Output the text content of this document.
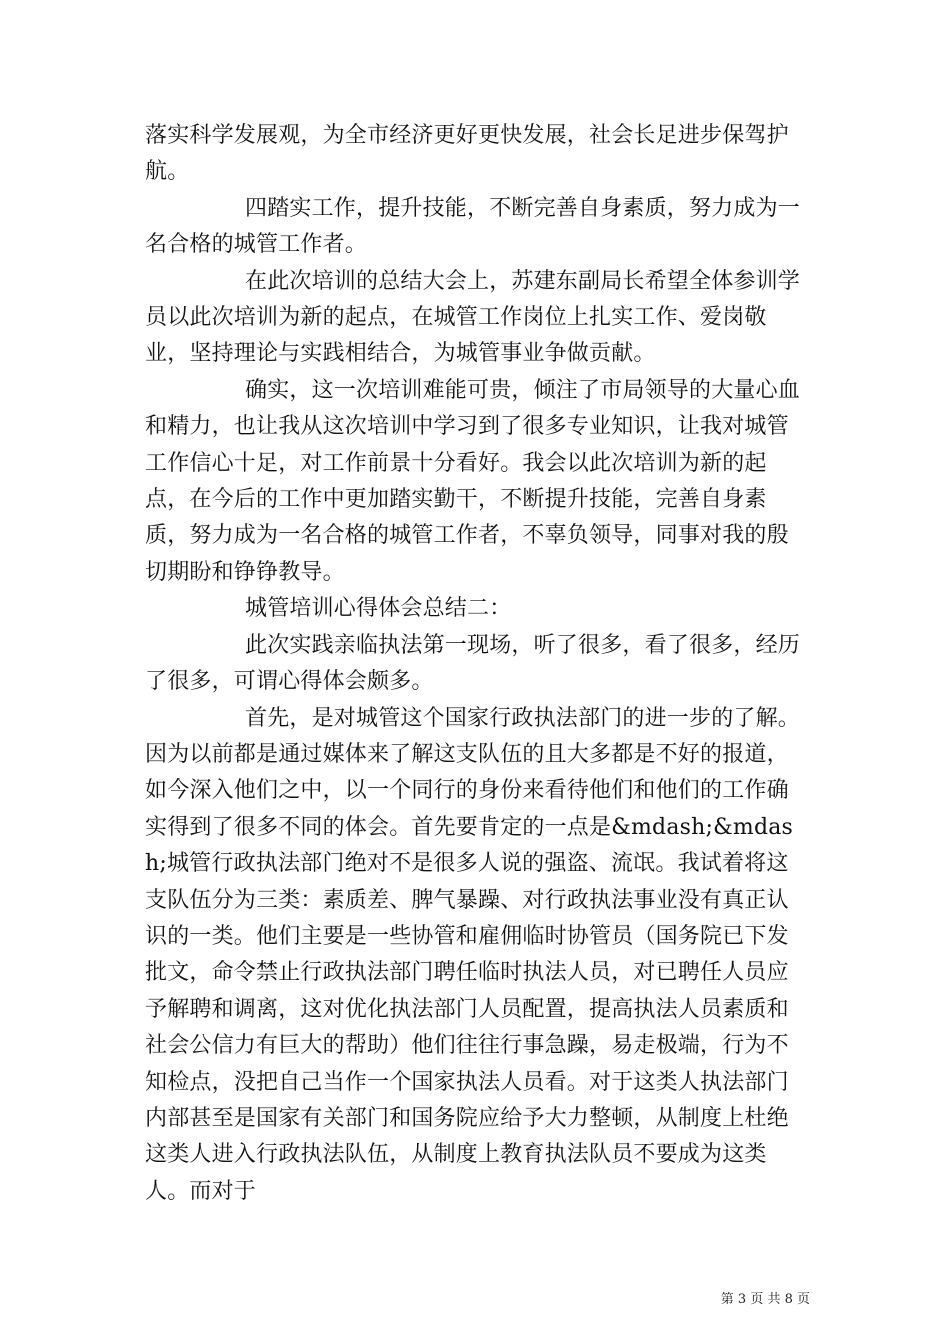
落实科学发展观，为全市经济更好更快发展，社会长足进步保驾护航。

四踏实工作，提升技能，不断完善自身素质，努力成为一名合格的城管工作者。

在此次培训的总结大会上，苏建东副局长希望全体参训学员以此次培训为新的起点，在城管工作岗位上扎实工作、爱岗敬业，坚持理论与实践相结合，为城管事业争做贡献。

确实，这一次培训难能可贵，倾注了市局领导的大量心血和精力，也让我从这次培训中学习到了很多专业知识，让我对城管工作信心十足，对工作前景十分看好。我会以此次培训为新的起点，在今后的工作中更加踏实勤干，不断提升技能，完善自身素质，努力成为一名合格的城管工作者，不辜负领导，同事对我的殷切期盼和铮铮教导。

城管培训心得体会总结二：

此次实践亲临执法第一现场，听了很多，看了很多，经历了很多，可谓心得体会颇多。

首先，是对城管这个国家行政执法部门的进一步的了解。因为以前都是通过媒体来了解这支队伍的且大多都是不好的报道，如今深入他们之中，以一个同行的身份来看待他们和他们的工作确实得到了很多不同的体会。首先要肯定的一点是&mdash;&mdash;城管行政执法部门绝对不是很多人说的强盗、流氓。我试着将这支队伍分为三类：素质差、脾气暴躁、对行政执法事业没有真正认识的一类。他们主要是一些协管和雇佣临时协管员（国务院已下发批文，命令禁止行政执法部门聘任临时执法人员，对已聘任人员应予解聘和调离，这对优化执法部门人员配置，提高执法人员素质和社会公信力有巨大的帮助）他们往往行事急躁，易走极端，行为不知检点，没把自己当作一个国家执法人员看。对于这类人执法部门内部甚至是国家有关部门和国务院应给予大力整顿，从制度上杜绝这类人进入行政执法队伍，从制度上教育执法队员不要成为这类人。而对于

第 3 页 共 8 页
